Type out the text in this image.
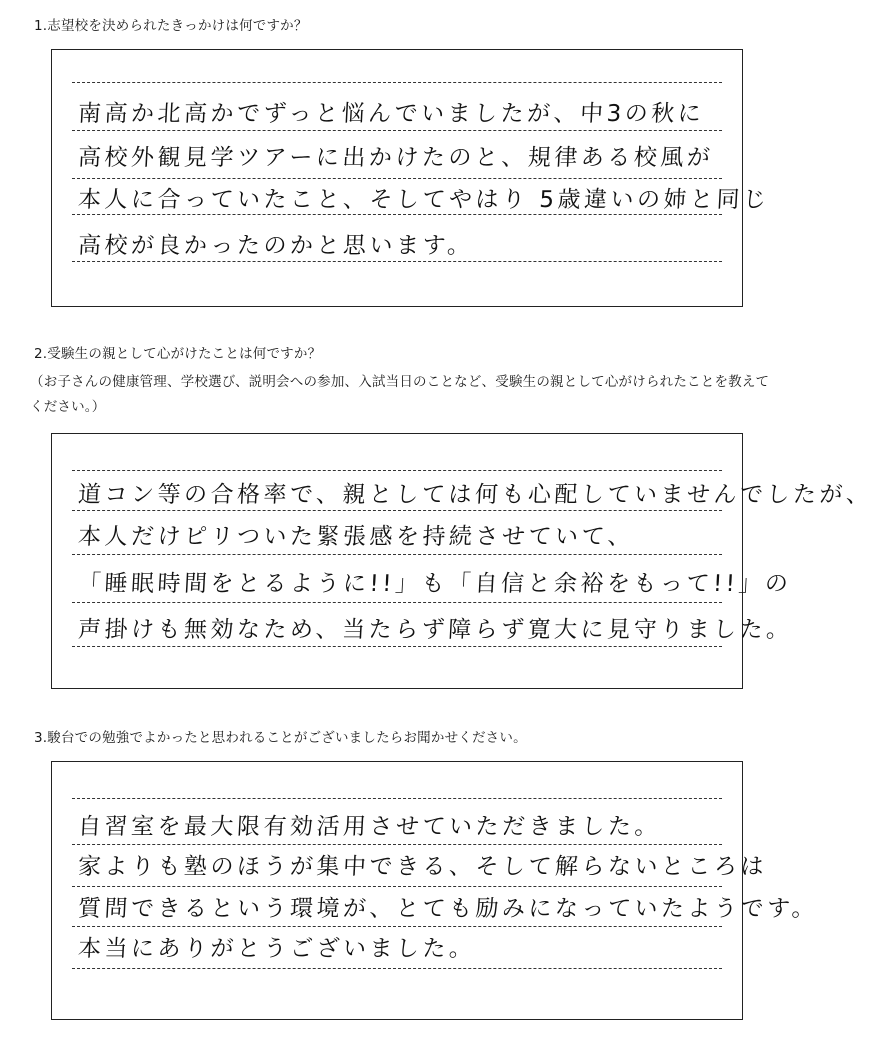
1.志望校を決められたきっかけは何ですか？

南高か北高かでずっと悩んでいましたが、中3の秋に
高校外観見学ツアーに出かけたのと、規律ある校風が
本人に合っていたこと、そしてやはり 5歳違いの姉と同じ
高校が良かったのかと思います。

2.受験生の親として心がけたことは何ですか？

（お子さんの健康管理、学校選び、説明会への参加、入試当日のことなど、受験生の親として心がけられたことを教えてください。）

道コン等の合格率で、親としては何も心配していませんでしたが、
本人だけピリついた緊張感を持続させていて、
「睡眠時間をとるように!!」も「自信と余裕をもって!!」の
声掛けも無効なため、当たらず障らず寛大に見守りました。

3.駿台での勉強でよかったと思われることがございましたらお聞かせください。

自習室を最大限有効活用させていただきました。
家よりも塾のほうが集中できる、そして解らないところは
質問できるという環境が、とても励みになっていたようです。
本当にありがとうございました。
